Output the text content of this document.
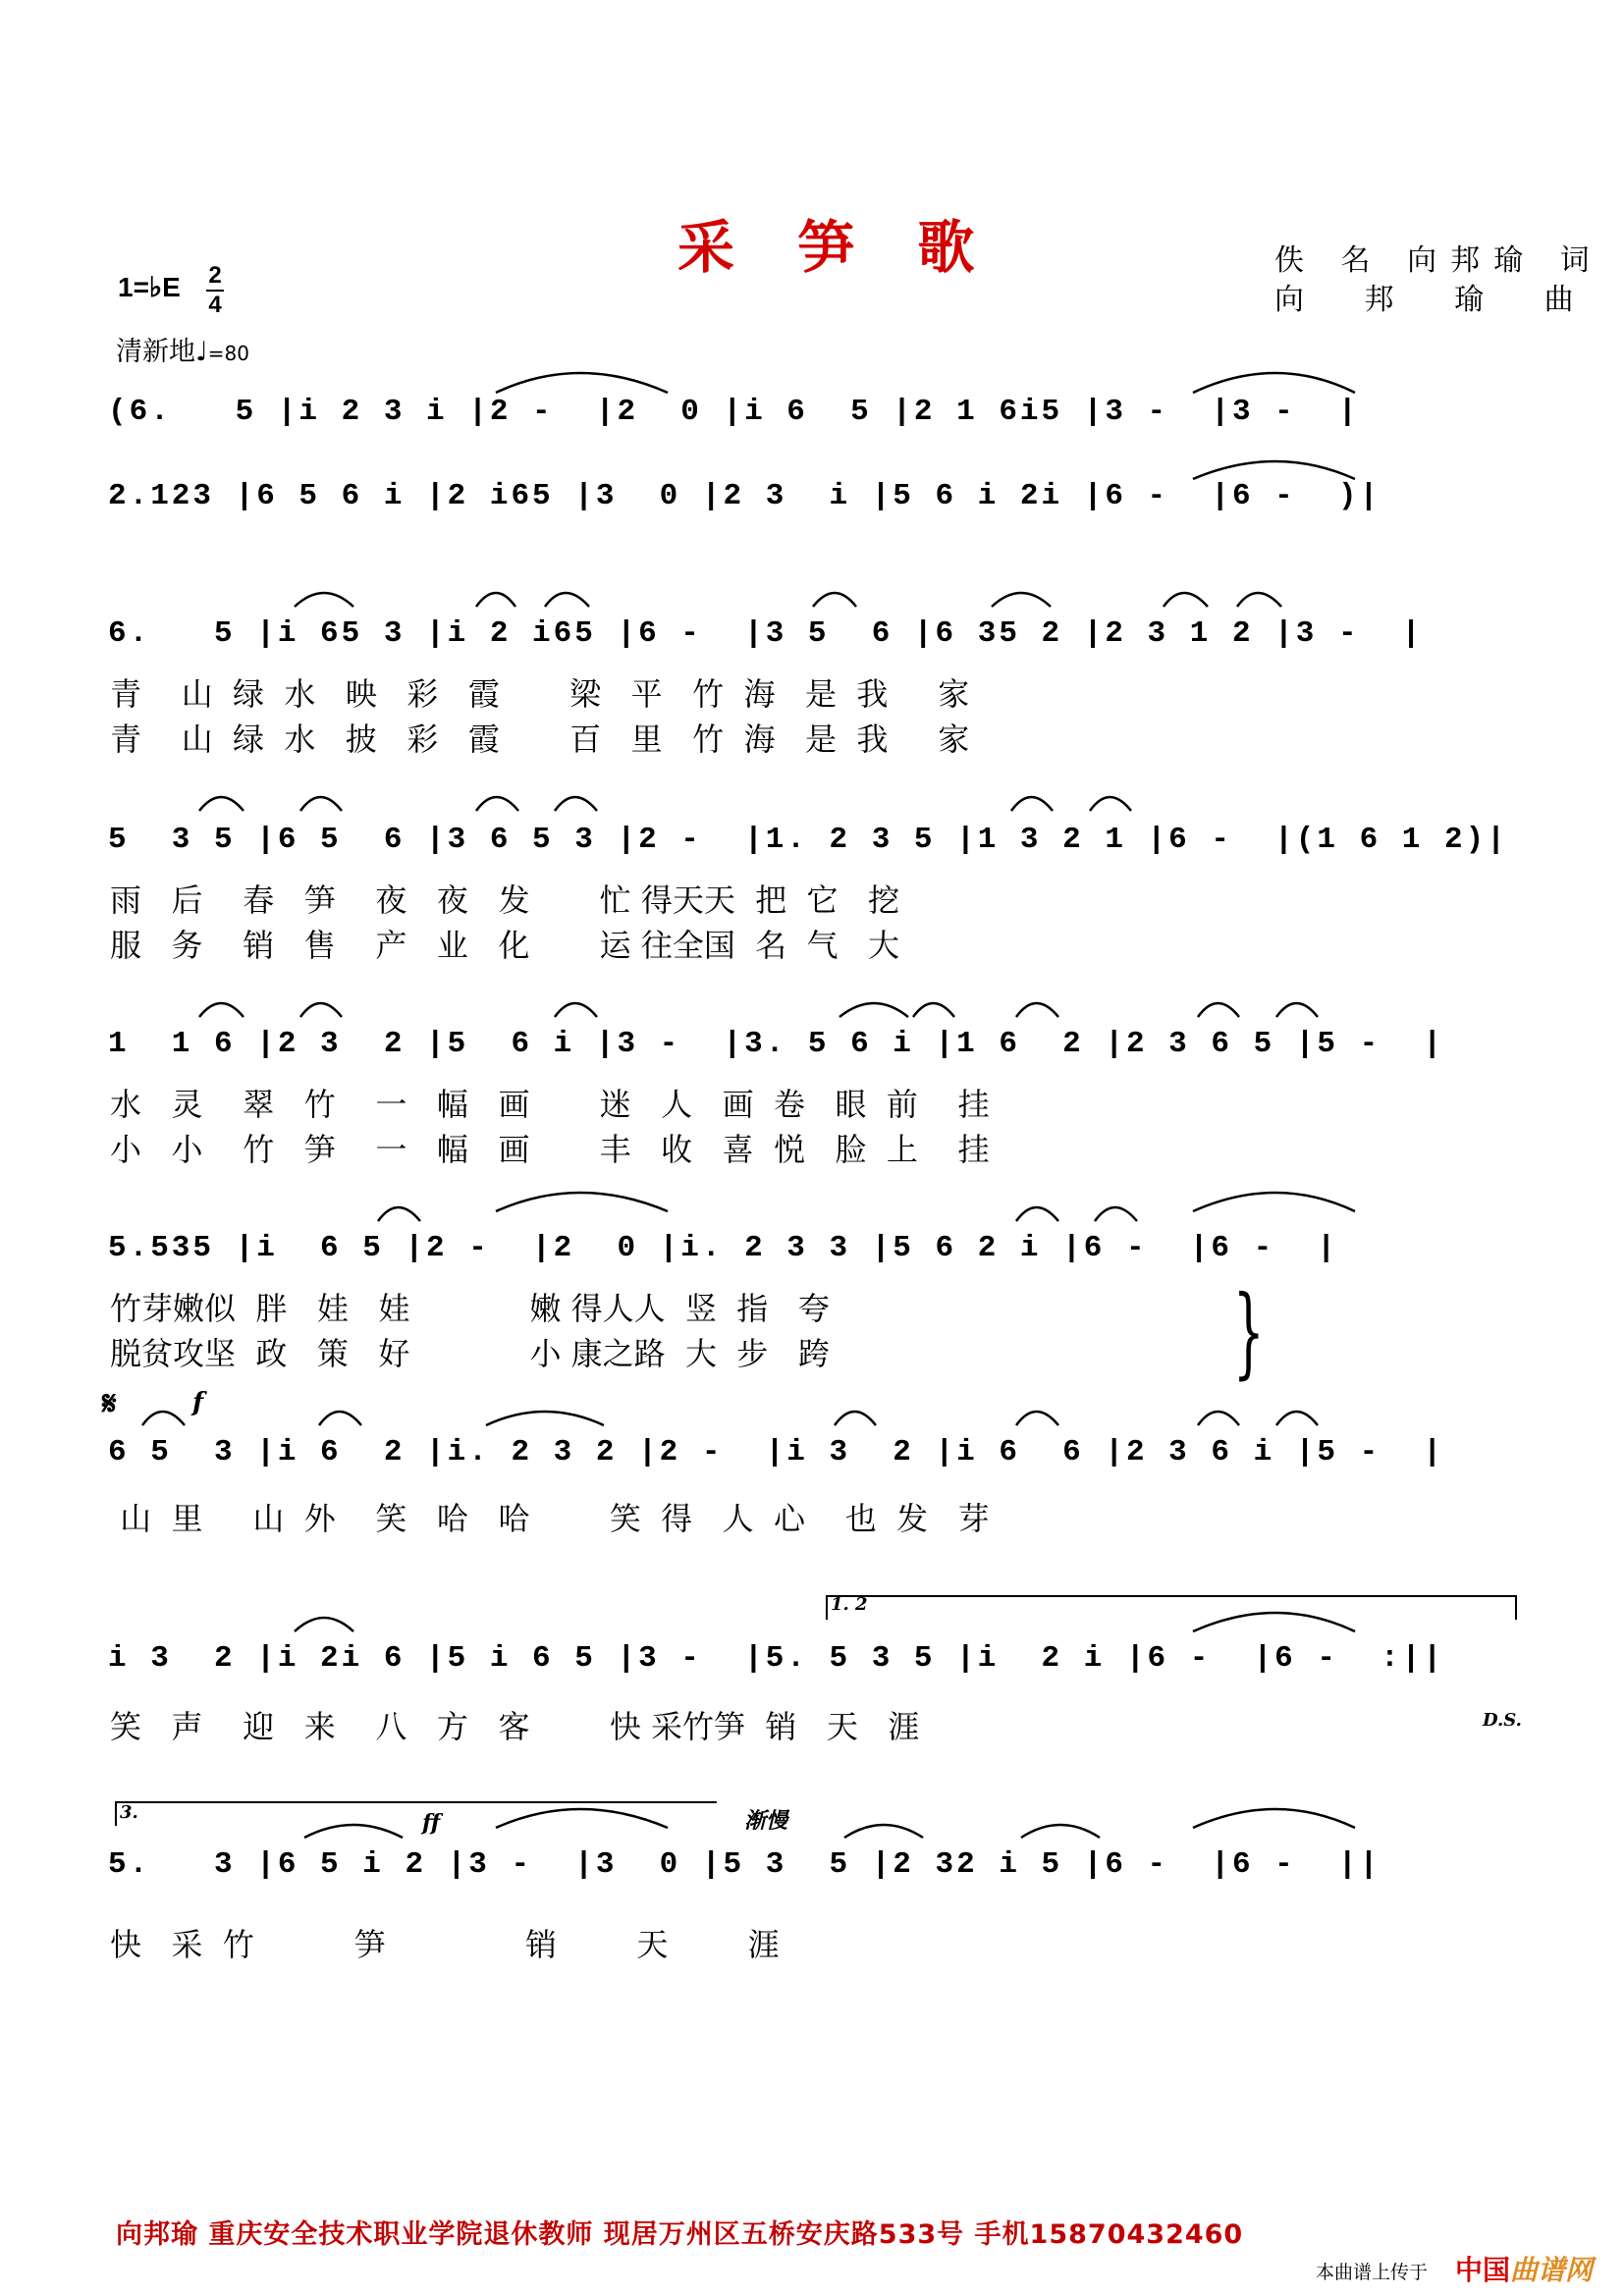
采 笋 歌	佚 名 向邦瑜 词
向 邦 瑜 曲
1=♭E 2
4
清新地♩=80
(6.   5 |i 2 3 i |2 -  |2  0 |i 6  5 |2 1 6i5 |3 -  |3 -  |
2.123 |6 5 6 i |2 i65 |3  0 |2 3  i |5 6 i 2i |6 -  |6 -  )|
6.   5 |i 65 3 |i 2 i65 |6 -  |3 5  6 |6 35 2 |2 3 1 2 |3 -  |
青    山  绿  水   映   彩   霞       梁   平   竹  海   是  我     家
青    山  绿  水   披   彩   霞       百   里   竹  海   是  我     家
5  3 5 |6 5  6 |3 6 5 3 |2 -  |1. 2 3 5 |1 3 2 1 |6 -  |(1 6 1 2)|
雨   后    春   笋    夜   夜   发       忙 得天天  把  它   挖
服   务    销   售    产   业   化       运 往全国  名  气   大
1  1 6 |2 3  2 |5  6 i |3 -  |3. 5 6 i |1 6  2 |2 3 6 5 |5 -  |
水   灵    翠   竹    一   幅   画       迷   人   画  卷   眼  前    挂
小   小    竹   笋    一   幅   画       丰   收   喜  悦   脸  上    挂
5.535 |i  6 5 |2 -  |2  0 |i. 2 3 3 |5 6 2 i |6 -  |6 -  |
竹芽嫩似  胖   娃   娃            嫩 得人人  竖  指   夸
脱贫攻坚  政   策   好            小 康之路  大  步   跨	}
𝄋	f
6 5  3 |i 6  2 |i. 2 3 2 |2 -  |i 3  2 |i 6  6 |2 3 6 i |5 -  |
山  里     山  外    笑   哈   哈        笑  得   人  心    也  发   芽
1. 2
i 3  2 |i 2i 6 |5 i 6 5 |3 -  |5. 5 3 5 |i  2 i |6 -  |6 -  :||
笑   声    迎   来    八   方   客        快 采竹笋  销   天   涯	D.S.
3.	ff	渐慢
5.   3 |6 5 i 2 |3 -  |3  0 |5 3  5 |2 32 i 5 |6 -  |6 -  ||
快   采  竹          笋              销        天        涯
向邦瑜 重庆安全技术职业学院退休教师 现居万州区五桥安庆路533号 手机15870432460
本曲谱上传于 中国曲谱网
